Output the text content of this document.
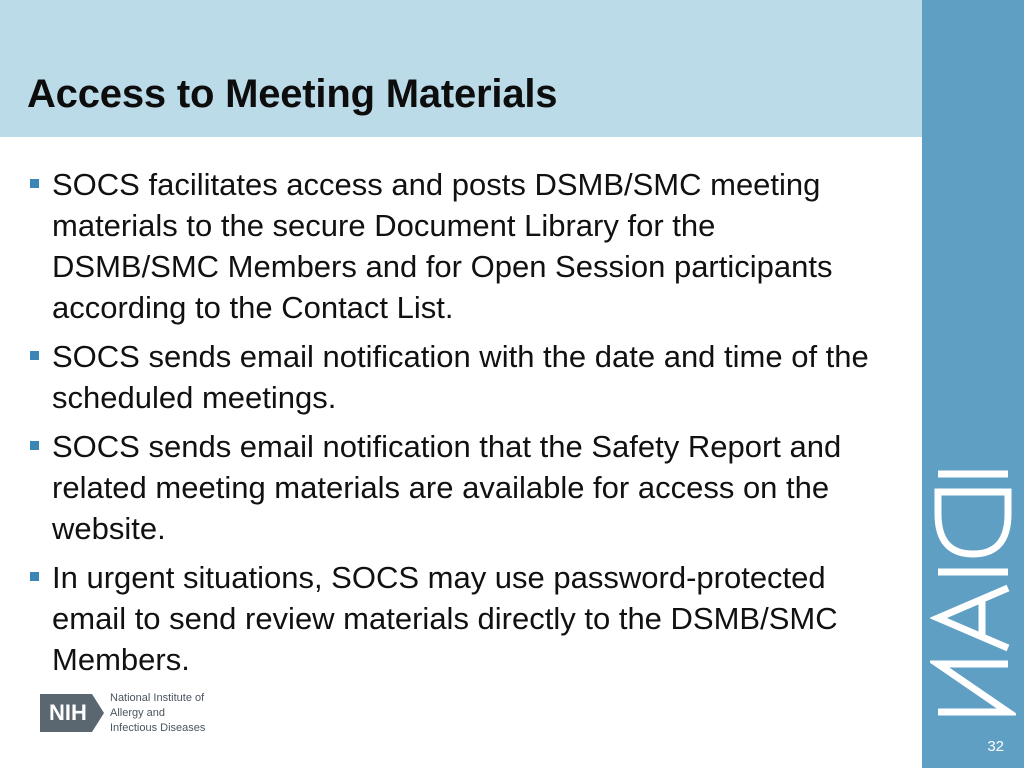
Access to Meeting Materials
32
SOCS facilitates access and posts DSMB/SMC meeting materials to the secure Document Library for the DSMB/SMC Members and for Open Session participants according to the Contact List.
SOCS sends email notification with the date and time of the scheduled meetings.
SOCS sends email notification that the Safety Report and related meeting materials are available for access on the website.
In urgent situations, SOCS may use password-protected email to send review materials directly to the DSMB/SMC Members.
NIH
National Institute of
Allergy and
Infectious Diseases
